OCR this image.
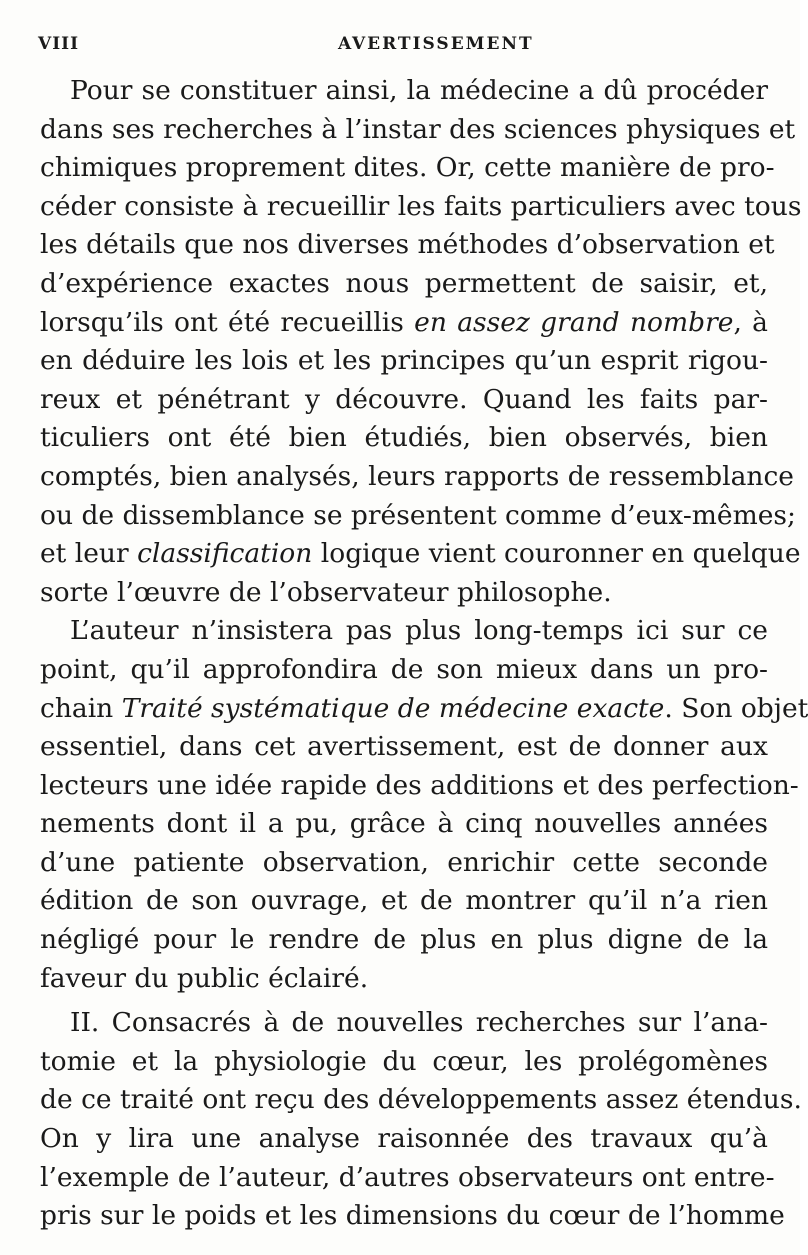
VIII	AVERTISSEMENT
Pour se constituer ainsi, la médecine a dû procéder
dans ses recherches à l’instar des sciences physiques et
chimiques proprement dites. Or, cette manière de pro-
céder consiste à recueillir les faits particuliers avec tous
les détails que nos diverses méthodes d’observation et
d’expérience exactes nous permettent de saisir, et,
lorsqu’ils ont été recueillis en assez grand nombre, à
en déduire les lois et les principes qu’un esprit rigou-
reux et pénétrant y découvre. Quand les faits par-
ticuliers ont été bien étudiés, bien observés, bien
comptés, bien analysés, leurs rapports de ressemblance
ou de dissemblance se présentent comme d’eux-mêmes;
et leur classification logique vient couronner en quelque
sorte l’œuvre de l’observateur philosophe.
L’auteur n’insistera pas plus long-temps ici sur ce
point, qu’il approfondira de son mieux dans un pro-
chain Traité systématique de médecine exacte. Son objet
essentiel, dans cet avertissement, est de donner aux
lecteurs une idée rapide des additions et des perfection-
nements dont il a pu, grâce à cinq nouvelles années
d’une patiente observation, enrichir cette seconde
édition de son ouvrage, et de montrer qu’il n’a rien
négligé pour le rendre de plus en plus digne de la
faveur du public éclairé.
II. Consacrés à de nouvelles recherches sur l’ana-
tomie et la physiologie du cœur, les prolégomènes
de ce traité ont reçu des développements assez étendus.
On y lira une analyse raisonnée des travaux qu’à
l’exemple de l’auteur, d’autres observateurs ont entre-
pris sur le poids et les dimensions du cœur de l’homme
